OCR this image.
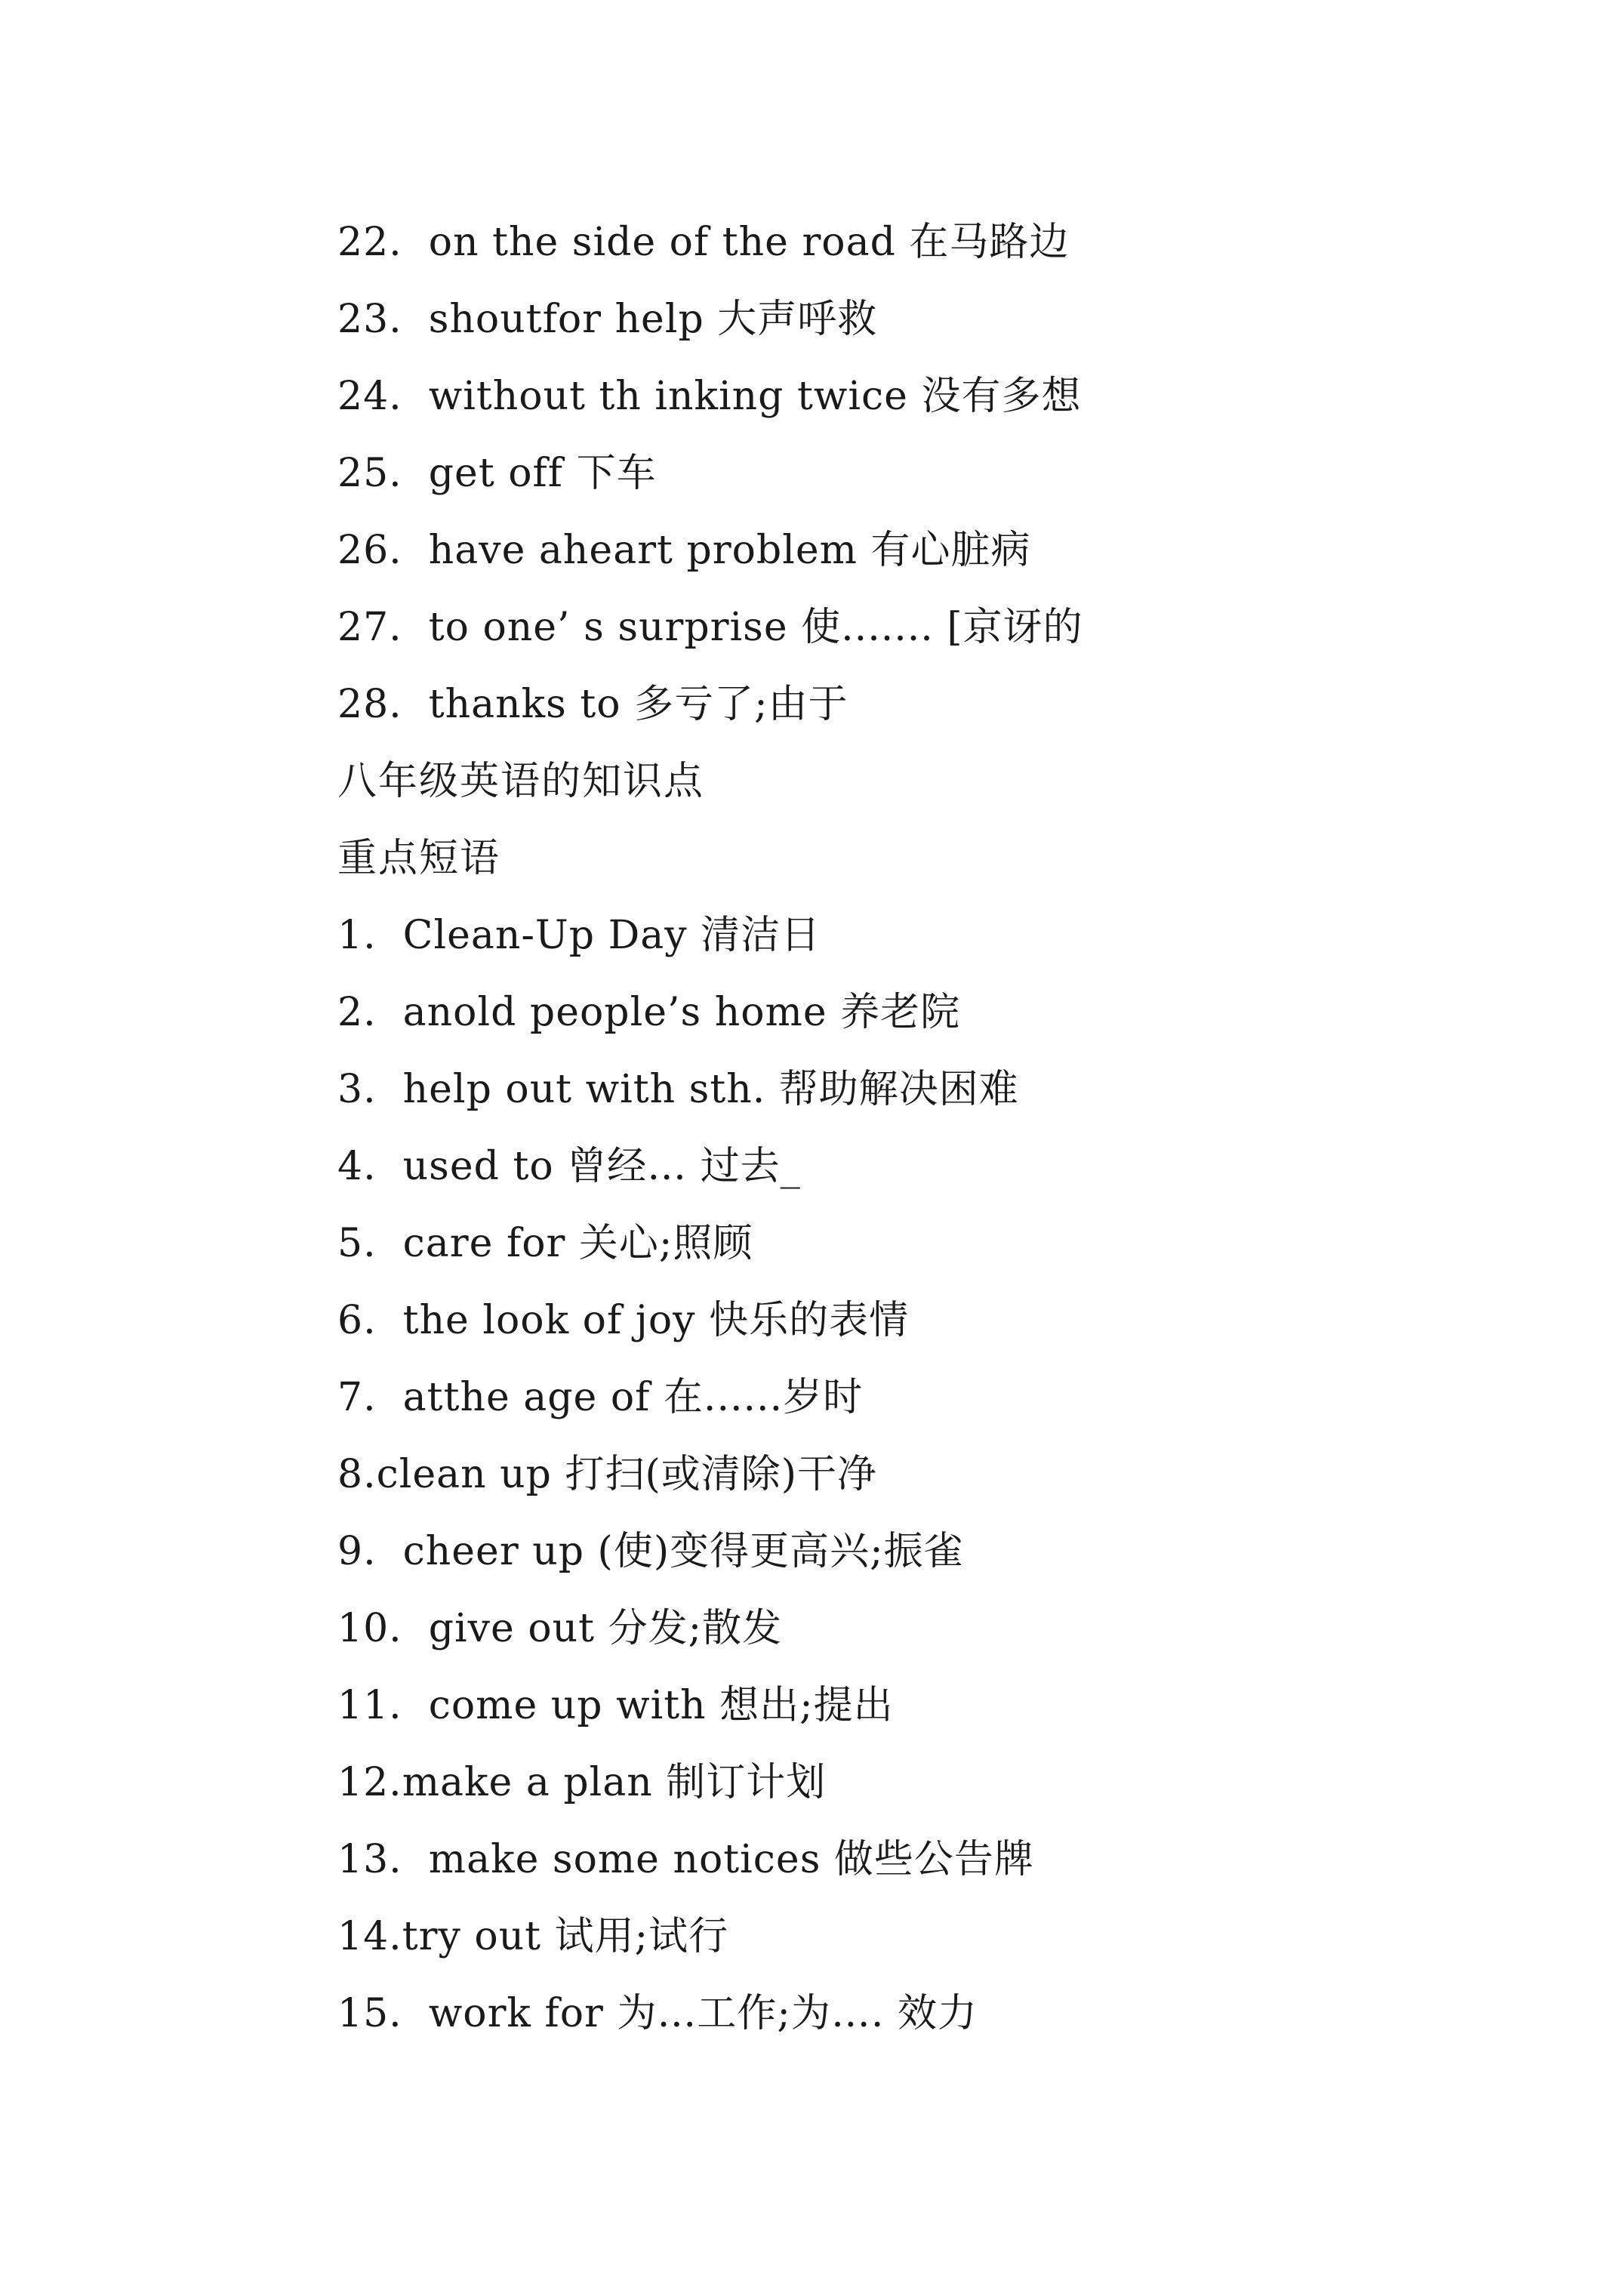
22.  on the side of the road 在马路边
23.  shoutfor help 大声呼救
24.  without th inking twice 没有多想
25.  get off 下车
26.  have aheart problem 有心脏病
27.  to one’ s surprise 使....... [京讶的
28.  thanks to 多亏了;由于
八年级英语的知识点
重点短语
1.  Clean-Up Day 清洁日
2.  anold people’s home 养老院
3.  help out with sth. 帮助解决困难
4.  used to 曾经… 过去_
5.  care for 关心;照顾
6.  the look of joy 快乐的表情
7.  atthe age of 在......岁时
8.clean up 打扫(或清除)干净
9.  cheer up (使)变得更高兴;振雀
10.  give out 分发;散发
11.  come up with 想出;提出
12.make a plan 制订计划
13.  make some notices 做些公告牌
14.try out 试用;试行
15.  work for 为…工作;为…. 效力
